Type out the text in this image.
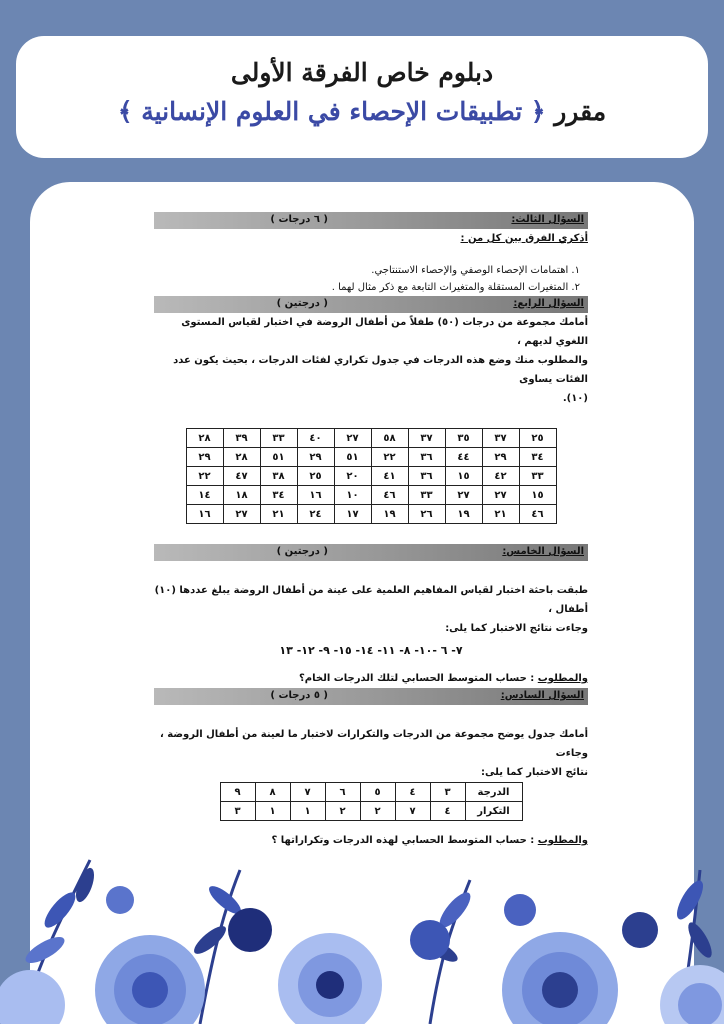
دبلوم خاص الفرقة الأولى
مقرر ﴿ تطبيقات الإحصاء في العلوم الإنسانية ﴾
السؤال الثالث:
( ٦ درجات )

أذكري الفرق بين كل من :

١. اهتمامات الإحصاء الوصفي والإحصاء الاستنتاجي.

٢. المتغيرات المستقلة والمتغيرات التابعة مع ذكر مثال لهما .

السؤال الرابع:
( درجتين )

أمامك مجموعة من درجات (٥٠) طفلاً من أطفال الروضة في اختبار لقياس المستوى اللغوي لديهم ،

والمطلوب منك وضع هذه الدرجات في جدول تكراري لفئات الدرجات ، بحيث يكون عدد الفئات يساوى

(١٠).

٢٥	٣٧	٣٥	٣٧	٥٨	٢٧	٤٠	٣٣	٣٩	٢٨
٣٤	٢٩	٤٤	٣٦	٢٢	٥١	٢٩	٥١	٢٨	٢٩
٣٣	٤٢	١٥	٣٦	٤١	٢٠	٢٥	٣٨	٤٧	٢٢
١٥	٢٧	٢٧	٣٣	٤٦	١٠	١٦	٣٤	١٨	١٤
٤٦	٢١	١٩	٢٦	١٩	١٧	٢٤	٢١	٢٧	١٦
السؤال الخامس:
( درجتين )

طبقت باحثة اختبار لقياس المفاهيم العلمية على عينة من أطفال الروضة يبلغ عددها (١٠) أطفال ،

وجاءت نتائج الاختبار كما يلى:

٧- ٦ -١٠- ٨- ١١- ١٤- ١٥- ٩- ١٢- ١٣

والمطلوب : حساب المتوسط الحسابي لتلك الدرجات الخام؟

السؤال السادس:
( ٥ درجات )

أمامك جدول يوضح مجموعة من الدرجات والتكرارات لاختبار ما لعينة من أطفال الروضة ، وجاءت

نتائج الاختبار كما يلى:

الدرجة	٣	٤	٥	٦	٧	٨	٩
التكرار	٤	٧	٢	٢	١	١	٣

والمطلوب : حساب المتوسط الحسابي لهذه الدرجات وتكراراتها ؟
